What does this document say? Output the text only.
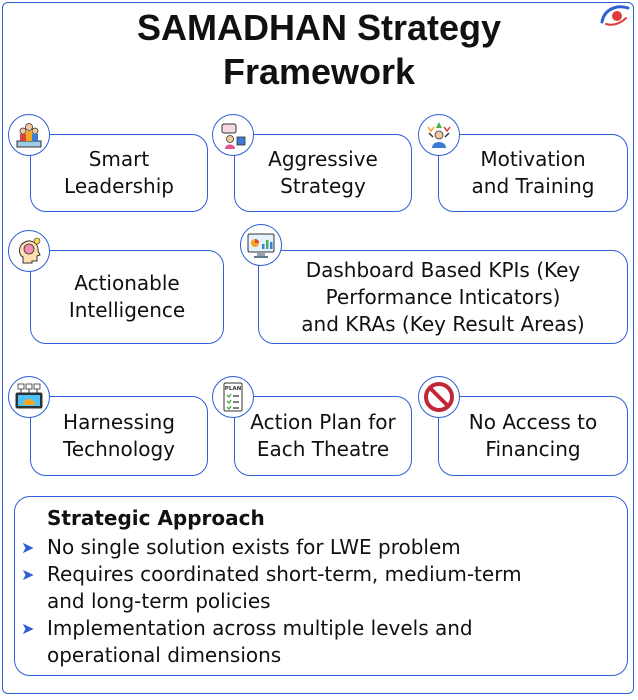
SAMADHAN Strategy
Framework
Smart
Leadership
Aggressive
Strategy
Motivation
and Training
Actionable
Intelligence
Dashboard Based KPIs (Key
Performance Inticators)
and KRAs (Key Result Areas)
Harnessing
Technology
Action Plan for
Each Theatre
PLAN
No Access to
Financing
Strategic Approach
➤ No single solution exists for LWE problem
➤ Requires coordinated short-term, medium-term
and long-term policies
➤ Implementation across multiple levels and
operational dimensions
